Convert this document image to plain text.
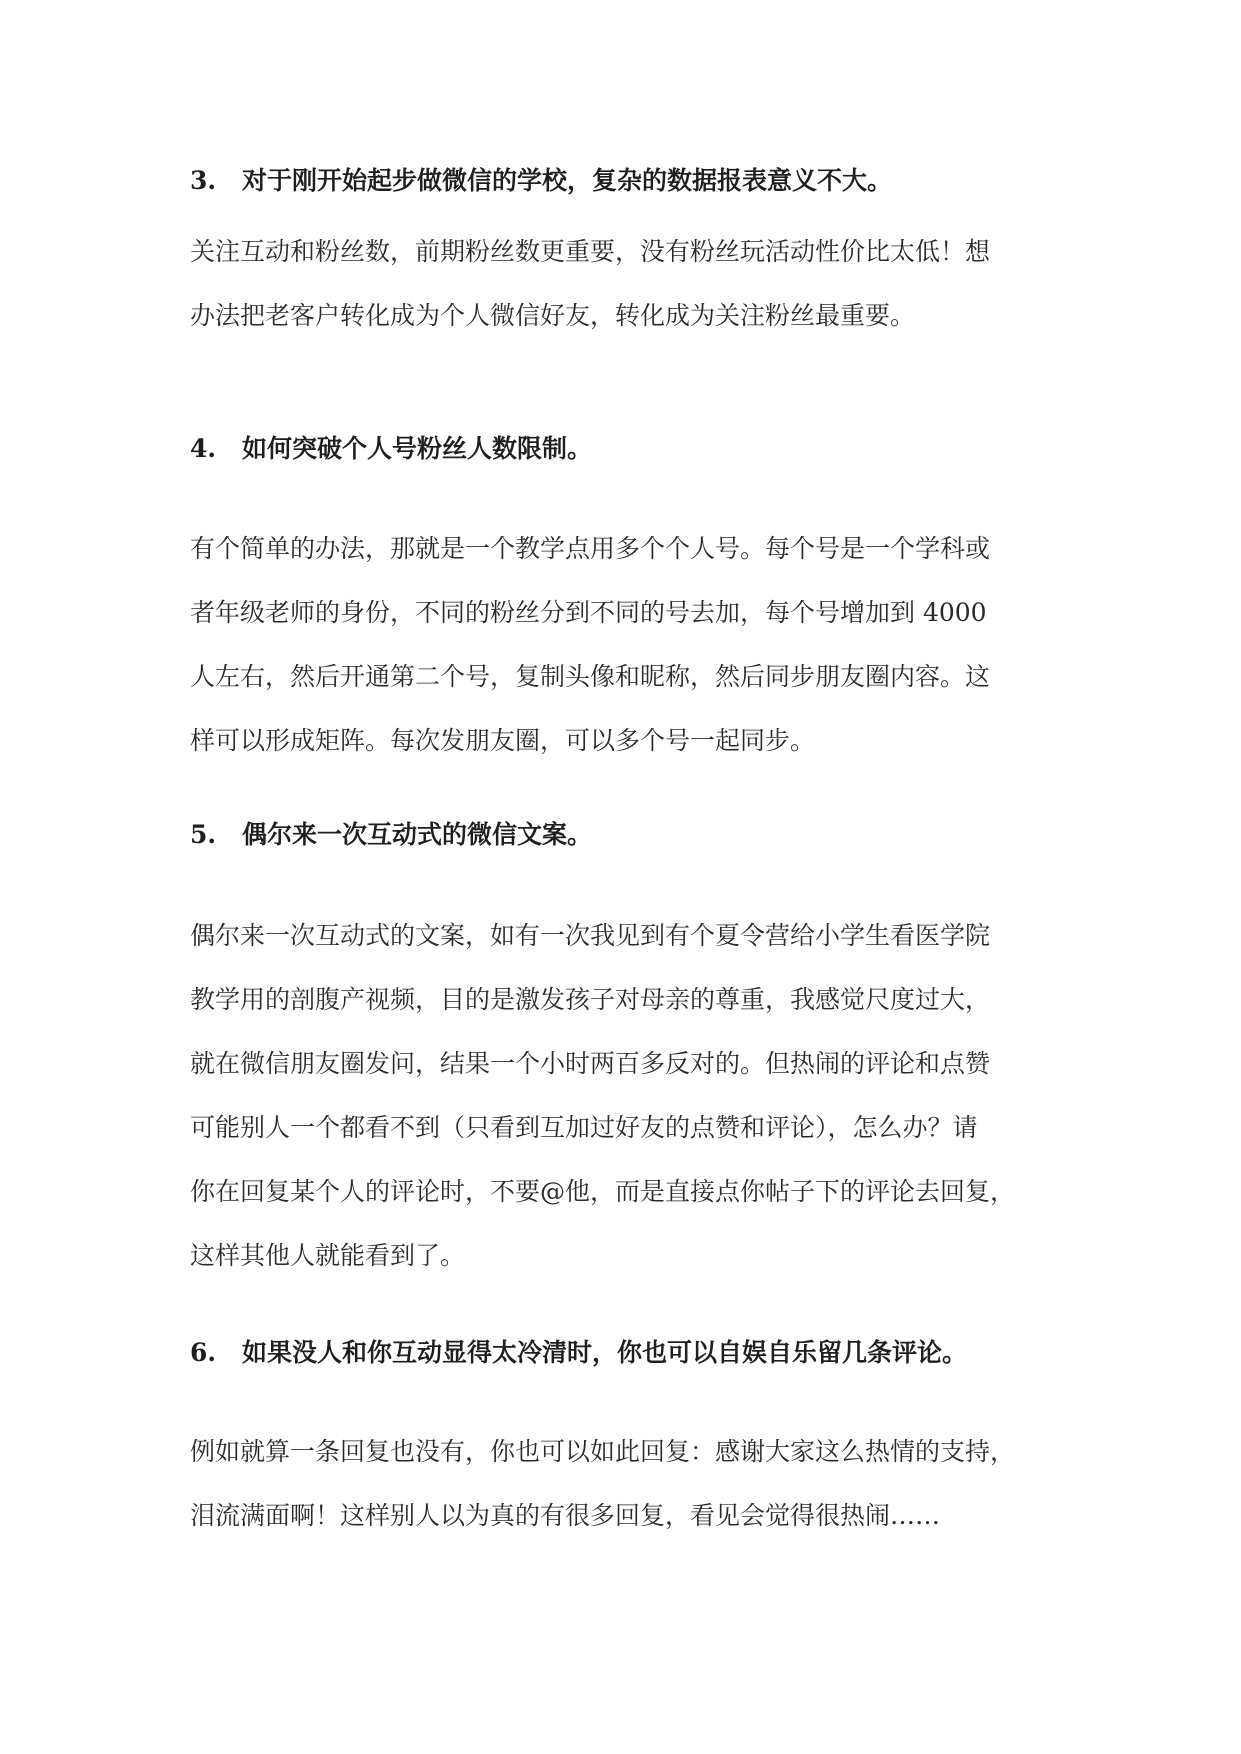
3. 对于刚开始起步做微信的学校，复杂的数据报表意义不大。
关注互动和粉丝数，前期粉丝数更重要，没有粉丝玩活动性价比太低！想
办法把老客户转化成为个人微信好友，转化成为关注粉丝最重要。
4. 如何突破个人号粉丝人数限制。
有个简单的办法，那就是一个教学点用多个个人号。每个号是一个学科或
者年级老师的身份，不同的粉丝分到不同的号去加，每个号增加到 4000
人左右，然后开通第二个号，复制头像和昵称，然后同步朋友圈内容。这
样可以形成矩阵。每次发朋友圈，可以多个号一起同步。
5. 偶尔来一次互动式的微信文案。
偶尔来一次互动式的文案，如有一次我见到有个夏令营给小学生看医学院
教学用的剖腹产视频，目的是激发孩子对母亲的尊重，我感觉尺度过大，
就在微信朋友圈发问，结果一个小时两百多反对的。但热闹的评论和点赞
可能别人一个都看不到（只看到互加过好友的点赞和评论），怎么办？请
你在回复某个人的评论时，不要@他，而是直接点你帖子下的评论去回复，
这样其他人就能看到了。
6. 如果没人和你互动显得太冷清时，你也可以自娱自乐留几条评论。
例如就算一条回复也没有，你也可以如此回复：感谢大家这么热情的支持，
泪流满面啊！这样别人以为真的有很多回复，看见会觉得很热闹……
